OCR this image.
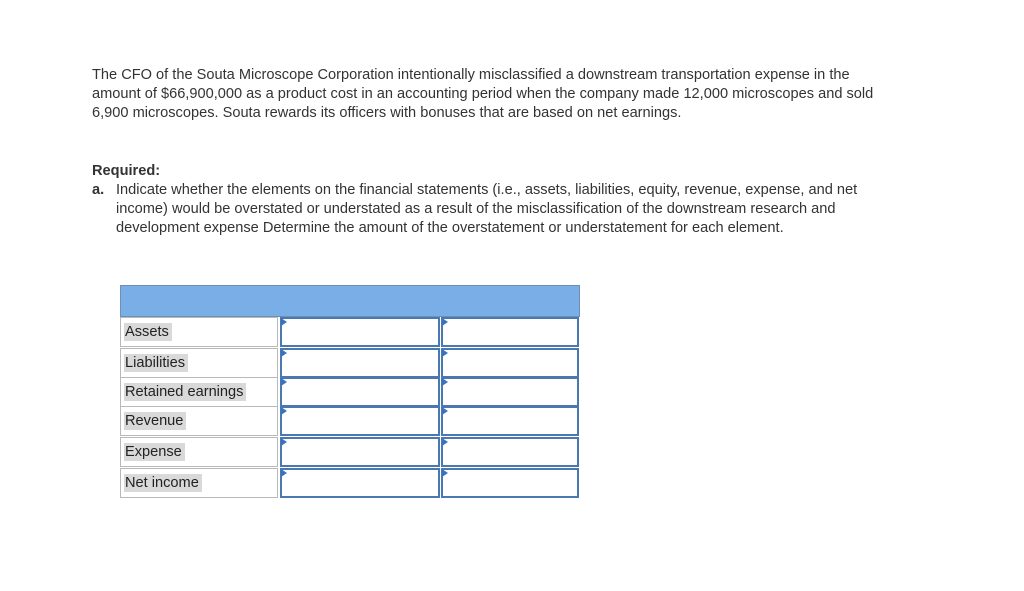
The CFO of the Souta Microscope Corporation intentionally misclassified a downstream transportation expense in the amount of $66,900,000 as a product cost in an accounting period when the company made 12,000 microscopes and sold 6,900 microscopes. Souta rewards its officers with bonuses that are based on net earnings.

Required:
a. Indicate whether the elements on the financial statements (i.e., assets, liabilities, equity, revenue, expense, and net income) would be overstated or understated as a result of the misclassification of the downstream research and development expense Determine the amount of the overstatement or understatement for each element.
Assets
Liabilities
Retained earnings
Revenue
Expense
Net income
